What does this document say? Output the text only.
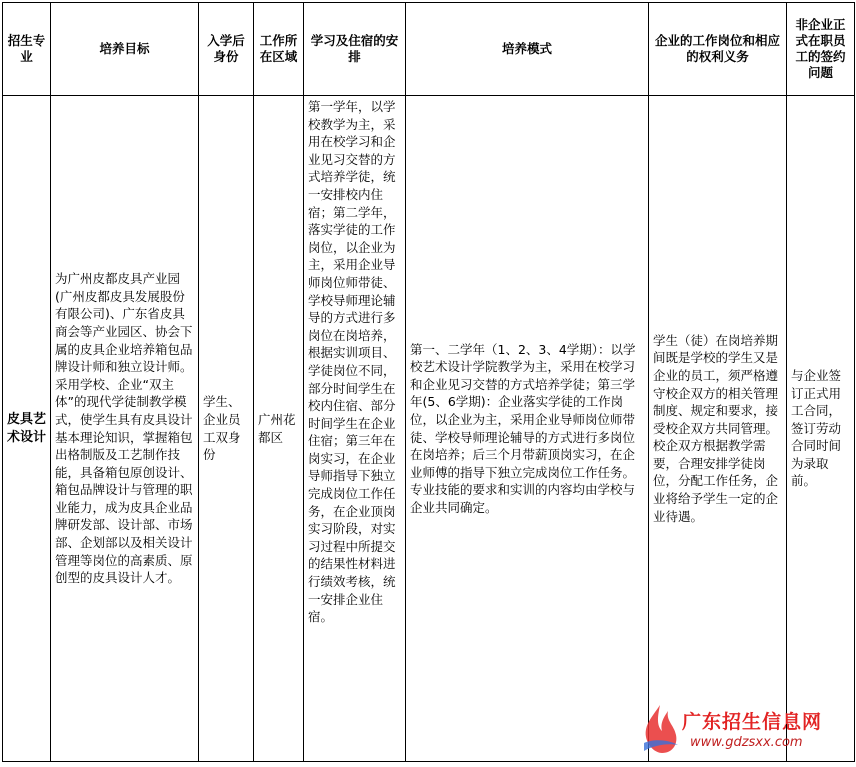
招生专业	培养目标	入学后身份	工作所在区域	学习及住宿的安排	培养模式	企业的工作岗位和相应的权利义务	非企业正式在职员工的签约问题
皮具艺术设计	为广州皮都皮具产业园(广州皮都皮具发展股份有限公司)、广东省皮具商会等产业园区、协会下属的皮具企业培养箱包品牌设计师和独立设计师。采用学校、企业“双主体”的现代学徒制教学模式，使学生具有皮具设计基本理论知识，掌握箱包出格制版及工艺制作技能，具备箱包原创设计、箱包品牌设计与管理的职业能力，成为皮具企业品牌研发部、设计部、市场部、企划部以及相关设计管理等岗位的高素质、原创型的皮具设计人才。	学生、企业员工双身份	广州花都区	第一学年，以学校教学为主，采用在校学习和企业见习交替的方式培养学徒，统一安排校内住宿；第二学年，落实学徒的工作岗位，以企业为主，采用企业导师岗位师带徒、学校导师理论辅导的方式进行多岗位在岗培养，根据实训项目、学徒岗位不同，部分时间学生在校内住宿、部分时间学生在企业住宿；第三年在岗实习，在企业导师指导下独立完成岗位工作任务，在企业顶岗实习阶段，对实习过程中所提交的结果性材料进行绩效考核，统一安排企业住宿。	第一、二学年（1、2、3、4学期）：以学校艺术设计学院教学为主，采用在校学习和企业见习交替的方式培养学徒；第三学年(5、6学期)：企业落实学徒的工作岗位，以企业为主，采用企业导师岗位师带徒、学校导师理论辅导的方式进行多岗位在岗培养；后三个月带薪顶岗实习，在企业师傅的指导下独立完成岗位工作任务。专业技能的要求和实训的内容均由学校与企业共同确定。	学生（徒）在岗培养期间既是学校的学生又是企业的员工，须严格遵守校企双方的相关管理制度、规定和要求，接受校企双方共同管理。校企双方根据教学需要，合理安排学徒岗位，分配工作任务，企业将给予学生一定的企业待遇。	与企业签订正式用工合同，签订劳动合同时间为录取前。
广东招生信息网
www.gdzsxx.com
